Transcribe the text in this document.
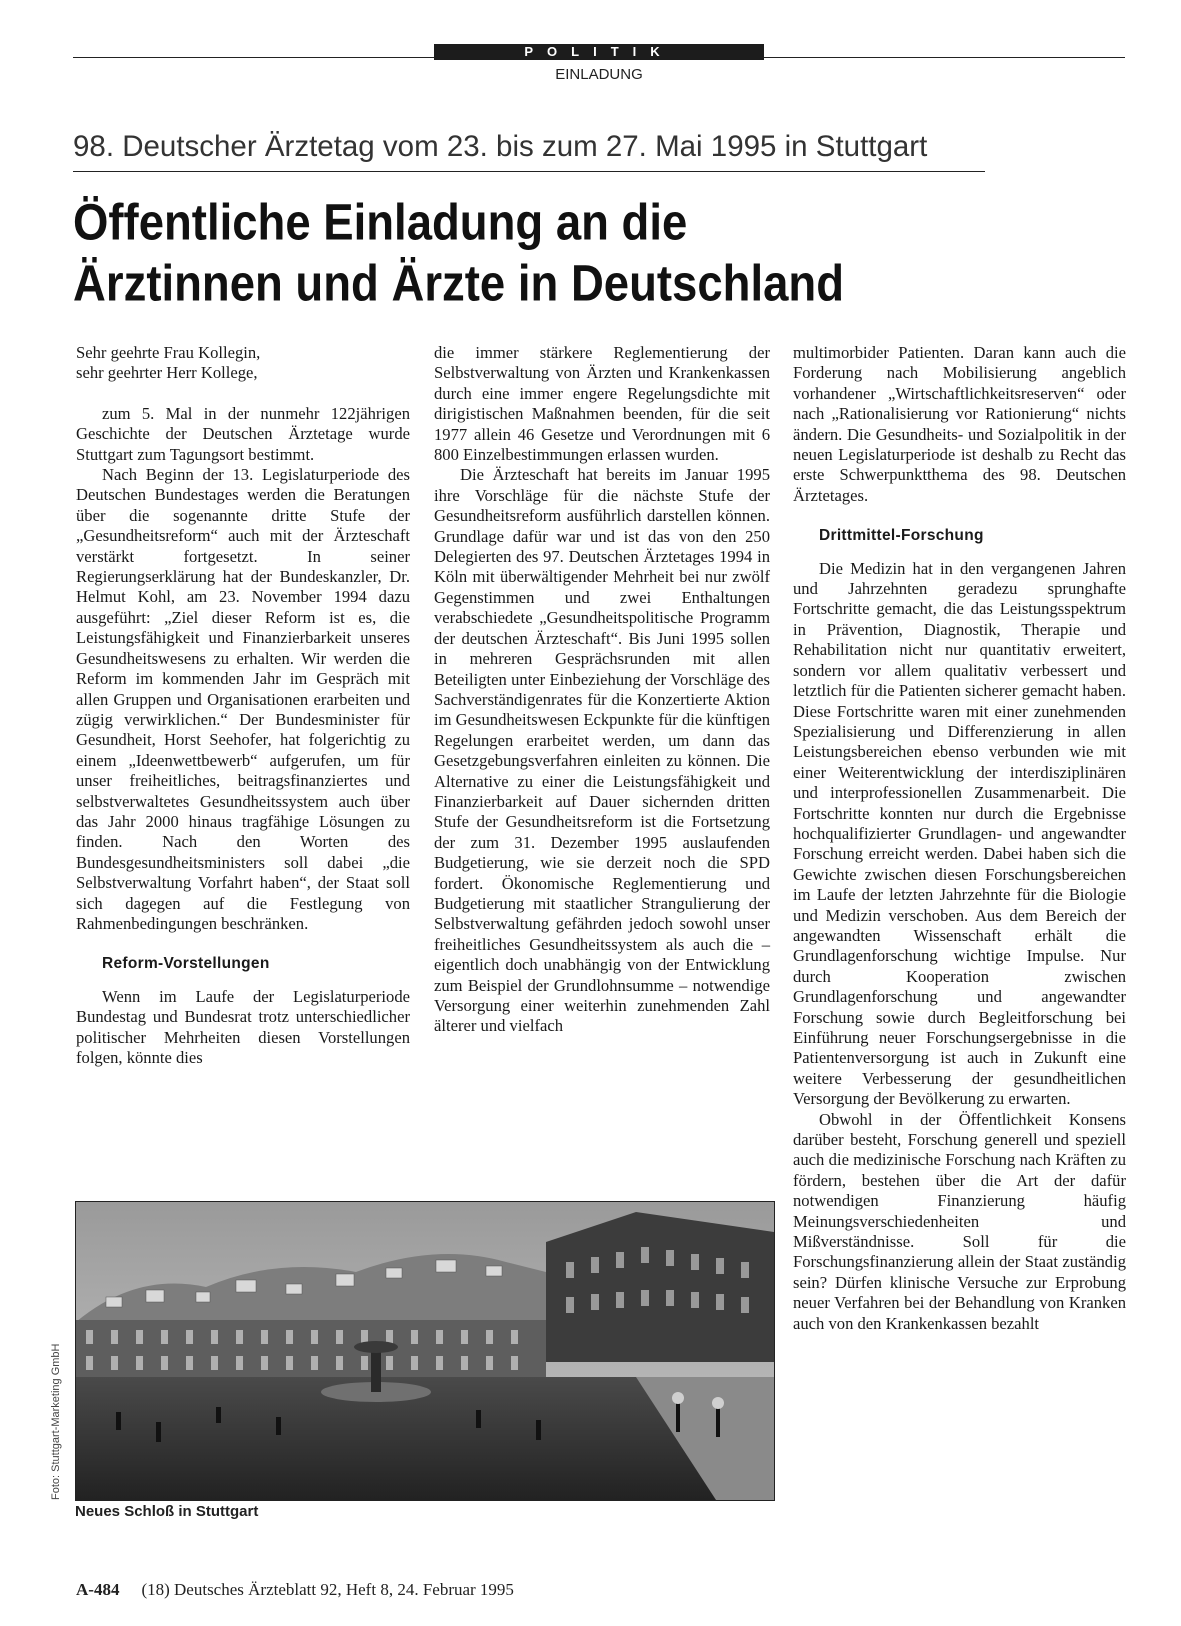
POLITIK
EINLADUNG
98. Deutscher Ärztetag vom 23. bis zum 27. Mai 1995 in Stuttgart
Öffentliche Einladung an die
Ärztinnen und Ärzte in Deutschland

Sehr geehrte Frau Kollegin,

sehr geehrter Herr Kollege,

zum 5. Mal in der nunmehr 122jährigen Geschichte der Deutschen Ärztetage wurde Stuttgart zum Tagungsort bestimmt.

Nach Beginn der 13. Legislaturperiode des Deutschen Bundestages werden die Beratungen über die sogenannte dritte Stufe der „Gesundheitsreform“ auch mit der Ärzteschaft verstärkt fortgesetzt. In seiner Regierungserklärung hat der Bundeskanzler, Dr. Helmut Kohl, am 23. November 1994 dazu ausgeführt: „Ziel dieser Reform ist es, die Leistungsfähigkeit und Finanzierbarkeit unseres Gesundheitswesens zu erhalten. Wir werden die Reform im kommenden Jahr im Gespräch mit allen Gruppen und Organisationen erarbeiten und zügig verwirklichen.“ Der Bundesminister für Gesundheit, Horst Seehofer, hat folgerichtig zu einem „Ideenwettbewerb“ aufgerufen, um für unser freiheitliches, beitragsfinanziertes und selbstverwaltetes Gesundheitssystem auch über das Jahr 2000 hinaus tragfähige Lösungen zu finden. Nach den Worten des Bundesgesundheitsministers soll dabei „die Selbstverwaltung Vorfahrt haben“, der Staat soll sich dagegen auf die Festlegung von Rahmenbedingungen beschränken.

Reform-Vorstellungen

Wenn im Laufe der Legislaturperiode Bundestag und Bundesrat trotz unterschiedlicher politischer Mehrheiten diesen Vorstellungen folgen, könnte dies

die immer stärkere Reglementierung der Selbstverwaltung von Ärzten und Krankenkassen durch eine immer engere Regelungsdichte mit dirigistischen Maßnahmen beenden, für die seit 1977 allein 46 Gesetze und Verordnungen mit 6 800 Einzelbestimmungen erlassen wurden.

Die Ärzteschaft hat bereits im Januar 1995 ihre Vorschläge für die nächste Stufe der Gesundheitsreform ausführlich darstellen können. Grundlage dafür war und ist das von den 250 Delegierten des 97. Deutschen Ärztetages 1994 in Köln mit überwältigender Mehrheit bei nur zwölf Gegenstimmen und zwei Enthaltungen verabschiedete „Gesundheitspolitische Programm der deutschen Ärzteschaft“. Bis Juni 1995 sollen in mehreren Gesprächsrunden mit allen Beteiligten unter Einbeziehung der Vorschläge des Sachverständigenrates für die Konzertierte Aktion im Gesundheitswesen Eckpunkte für die künftigen Regelungen erarbeitet werden, um dann das Gesetzgebungsverfahren einleiten zu können. Die Alternative zu einer die Leistungsfähigkeit und Finanzierbarkeit auf Dauer sichernden dritten Stufe der Gesundheitsreform ist die Fortsetzung der zum 31. Dezember 1995 auslaufenden Budgetierung, wie sie derzeit noch die SPD fordert. Ökonomische Reglementierung und Budgetierung mit staatlicher Strangulierung der Selbstverwaltung gefährden jedoch sowohl unser freiheitliches Gesundheitssystem als auch die – eigentlich doch unabhängig von der Entwicklung zum Beispiel der Grundlohnsumme – notwendige Versorgung einer weiterhin zunehmenden Zahl älterer und vielfach

multimorbider Patienten. Daran kann auch die Forderung nach Mobilisierung angeblich vorhandener „Wirtschaftlichkeitsreserven“ oder nach „Rationalisierung vor Rationierung“ nichts ändern. Die Gesundheits- und Sozialpolitik in der neuen Legislaturperiode ist deshalb zu Recht das erste Schwerpunktthema des 98. Deutschen Ärztetages.

Drittmittel-Forschung

Die Medizin hat in den vergangenen Jahren und Jahrzehnten geradezu sprunghafte Fortschritte gemacht, die das Leistungsspektrum in Prävention, Diagnostik, Therapie und Rehabilitation nicht nur quantitativ erweitert, sondern vor allem qualitativ verbessert und letztlich für die Patienten sicherer gemacht haben. Diese Fortschritte waren mit einer zunehmenden Spezialisierung und Differenzierung in allen Leistungsbereichen ebenso verbunden wie mit einer Weiterentwicklung der interdisziplinären und interprofessionellen Zusammenarbeit. Die Fortschritte konnten nur durch die Ergebnisse hochqualifizierter Grundlagen- und angewandter Forschung erreicht werden. Dabei haben sich die Gewichte zwischen diesen Forschungsbereichen im Laufe der letzten Jahrzehnte für die Biologie und Medizin verschoben. Aus dem Bereich der angewandten Wissenschaft erhält die Grundlagenforschung wichtige Impulse. Nur durch Kooperation zwischen Grundlagenforschung und angewandter Forschung sowie durch Begleitforschung bei Einführung neuer Forschungsergebnisse in die Patientenversorgung ist auch in Zukunft eine weitere Verbesserung der gesundheitlichen Versorgung der Bevölkerung zu erwarten.

Obwohl in der Öffentlichkeit Konsens darüber besteht, Forschung generell und speziell auch die medizinische Forschung nach Kräften zu fördern, bestehen über die Art der dafür notwendigen Finanzierung häufig Meinungsverschiedenheiten und Mißverständnisse. Soll für die Forschungsfinanzierung allein der Staat zuständig sein? Dürfen klinische Versuche zur Erprobung neuer Verfahren bei der Behandlung von Kranken auch von den Krankenkassen bezahlt

Foto: Stuttgart-Marketing GmbH
Neues Schloß in Stuttgart
A-484 (18) Deutsches Ärzteblatt 92, Heft 8, 24. Februar 1995
